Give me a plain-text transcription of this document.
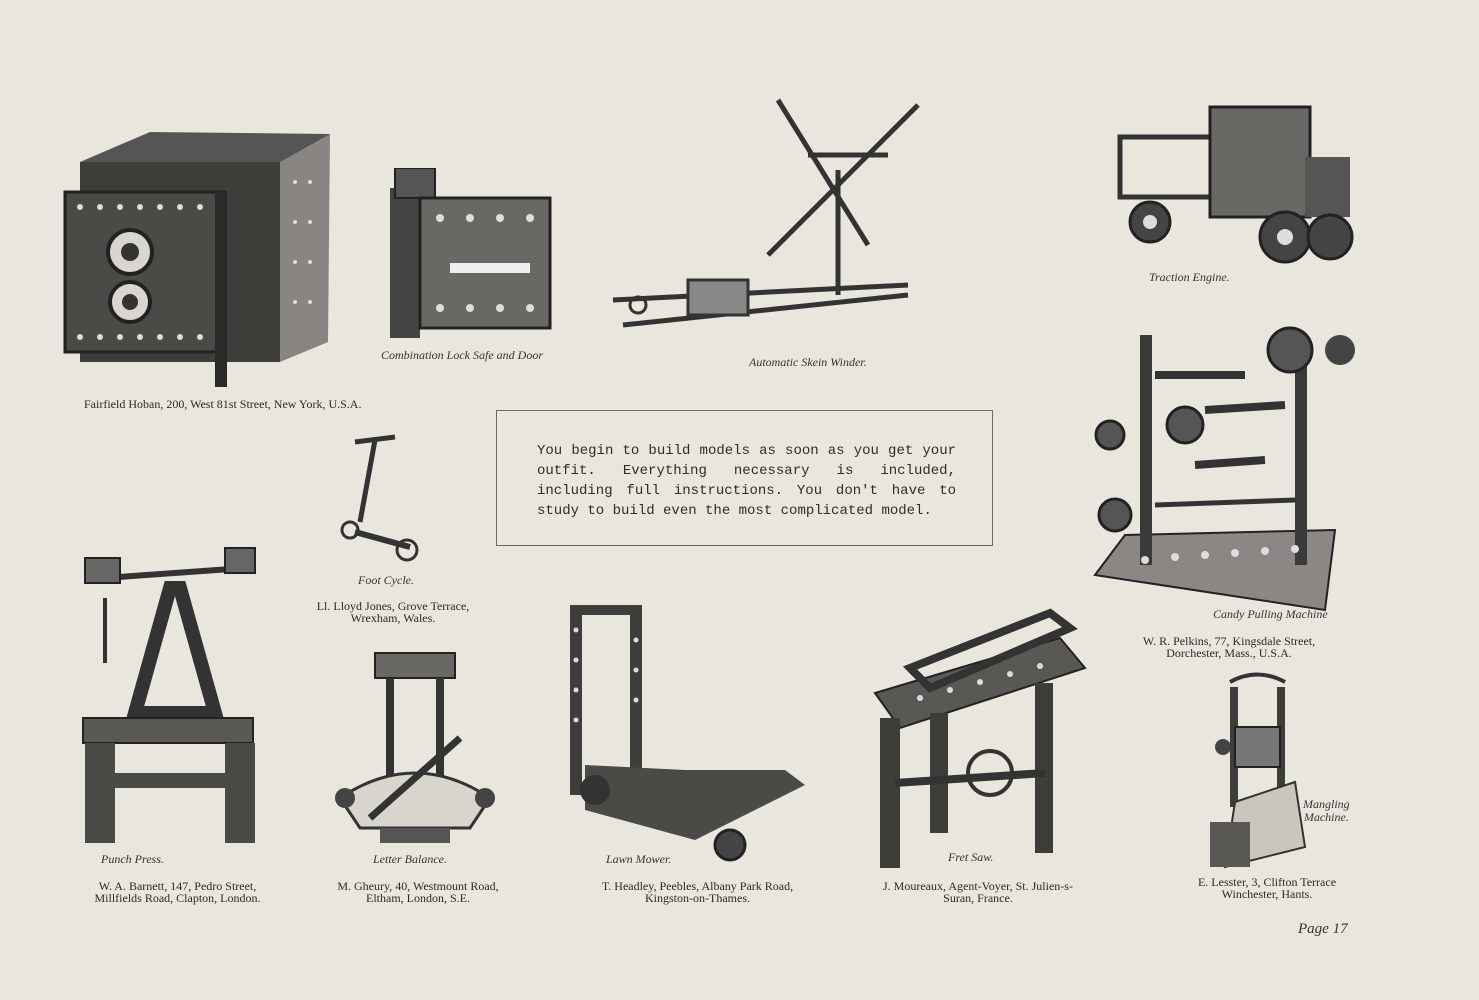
Combination Lock Safe and Door
Fairfield Hoban, 200, West 81st Street, New York, U.S.A.
Automatic Skein Winder.
Traction Engine.
You begin to build models as soon as you get your outfit. Everything necessary is included, including full instructions. You don't have to study to build even the most complicated model.
Candy Pulling Machine
W. R. Pelkins, 77, Kingsdale Street,
Dorchester, Mass., U.S.A.
Foot Cycle.
Ll. Lloyd Jones, Grove Terrace,
Wrexham, Wales.
Punch Press.
W. A. Barnett, 147, Pedro Street,
Millfields Road, Clapton, London.
Letter Balance.
M. Gheury, 40, Westmount Road,
Eltham, London, S.E.
Lawn Mower.
T. Headley, Peebles, Albany Park Road,
Kingston-on-Thames.
Fret Saw.
J. Moureaux, Agent-Voyer, St. Julien-s-
Suran, France.
Mangling
Machine.
E. Lesster, 3, Clifton Terrace
Winchester, Hants.
Page 17
